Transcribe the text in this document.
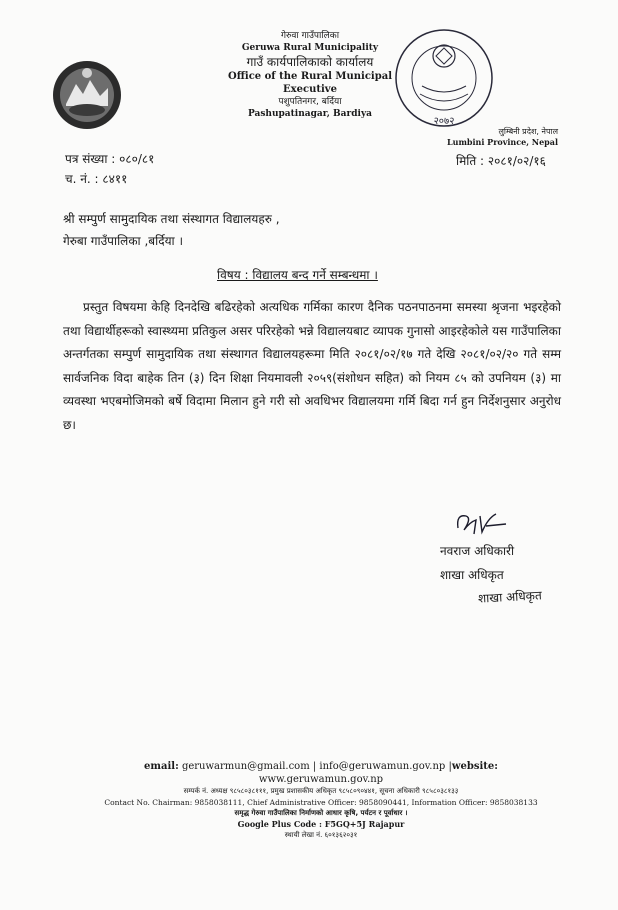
गेरुवा गाउँपालिका
Geruwa Rural Municipality
गाउँ कार्यपालिकाको कार्यालय
Office of the Rural Municipal Executive
पशुपतिनगर, बर्दिया
Pashupatinagar, Bardiya
२०७२
लुम्बिनी प्रदेश, नेपाल
Lumbini Province, Nepal
पत्र संख्या : ०८०/८१
च. नं. : ८४११
मिति : २०८१/०२/१६
श्री सम्पुर्ण सामुदायिक तथा संस्थागत विद्यालयहरु ,
गेरुबा गाउँपालिका ,बर्दिया ।
विषय : विद्यालय बन्द गर्ने सम्बन्धमा ।
प्रस्तुत विषयमा केहि दिनदेखि बढिरहेको अत्यधिक गर्मिका कारण दैनिक पठनपाठनमा समस्या श्रृजना भइरहेको तथा विद्यार्थीहरूको स्वास्थ्यमा प्रतिकुल असर परिरहेको भन्ने विद्यालयबाट व्यापक गुनासो आइरहेकोले यस गाउँपालिका अन्तर्गतका सम्पुर्ण सामुदायिक तथा संस्थागत विद्यालयहरूमा मिति २०८१/०२/१७ गते देखि २०८१/०२/२० गते सम्म सार्वजनिक विदा बाहेक तिन (३) दिन शिक्षा नियमावली २०५९(संशोधन सहित) को नियम ८५ को उपनियम (३) मा व्यवस्था भएबमोजिमको बर्षे विदामा मिलान हुने गरी सो अवधिभर विद्यालयमा गर्मि बिदा गर्न हुन निर्देशनुसार अनुरोध छ।
नवराज अधिकारी
शाखा अधिकृत
शाखा अधिकृत
email: geruwarmun@gmail.com | info@geruwamun.gov.np |website: www.geruwamun.gov.np
सम्पर्क नं. अध्यक्ष ९८५८०३८१११, प्रमुख प्रशासकीय अधिकृत ९८५८०९०४४१, सूचना अधिकारी ९८५८०३८१३३
Contact No. Chairman: 9858038111, Chief Administrative Officer: 9858090441, Information Officer: 9858038133
समृद्ध गेरुवा गाउँपालिका निर्माणको आधार कृषि, पर्यटन र पूर्वाधार ।
Google Plus Code : F5GQ+5J Rajapur
स्थायी लेखा नं. ६०१३६२०३१
